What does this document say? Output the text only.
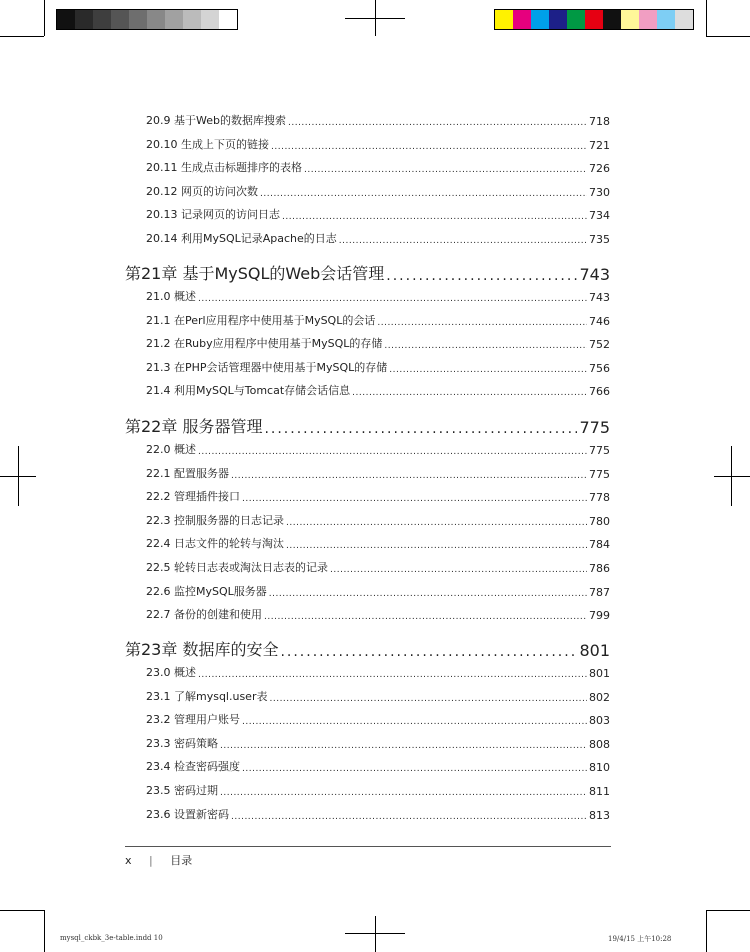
20.9 基于Web的数据库搜索 .....	718
20.10 生成上下页的链接 .....	721
20.11 生成点击标题排序的表格 .....	726
20.12 网页的访问次数 .....	730
20.13 记录网页的访问日志 .....	734
20.14 利用MySQL记录Apache的日志 .....	735
第21章 基于MySQL的Web会话管理 .....	743
21.0 概述 .....	743
21.1 在Perl应用程序中使用基于MySQL的会话 .....	746
21.2 在Ruby应用程序中使用基于MySQL的存储 .....	752
21.3 在PHP会话管理器中使用基于MySQL的存储 .....	756
21.4 利用MySQL与Tomcat存储会话信息 .....	766
第22章 服务器管理 .....	775
22.0 概述 .....	775
22.1 配置服务器 .....	775
22.2 管理插件接口 .....	778
22.3 控制服务器的日志记录 .....	780
22.4 日志文件的轮转与淘汰 .....	784
22.5 轮转日志表或淘汰日志表的记录 .....	786
22.6 监控MySQL服务器 .....	787
22.7 备份的创建和使用 .....	799
第23章 数据库的安全 .....	801
23.0 概述 .....	801
23.1 了解mysql.user表 .....	802
23.2 管理用户账号 .....	803
23.3 密码策略 .....	808
23.4 检查密码强度 .....	810
23.5 密码过期 .....	811
23.6 设置新密码 .....	813
x | 目录
mysql_ckbk_3e-table.indd 10	19/4/15 上午10:28
